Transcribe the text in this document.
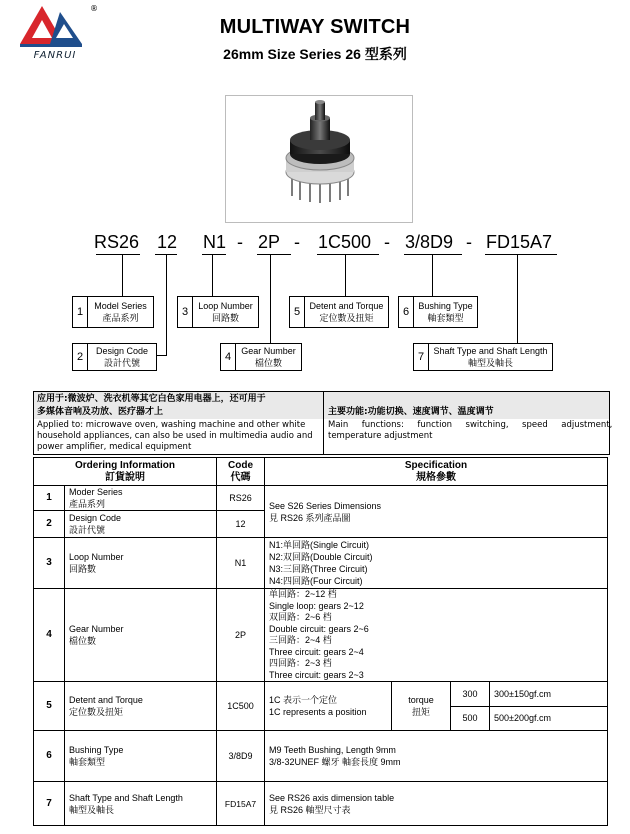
®
FANRUI
MULTIWAY SWITCH
26mm Size Series 26 型系列
RS26 12 N1 - 2P - 1C500 - 3/8D9 - FD15A7
1	Model Series
產品系列
2	Design Code
設計代號
3	Loop Number
回路數
4	Gear Number
檔位數
5	Detent and Torque
定位數及扭矩	6	Bushing Type
軸套類型
7	Shaft Type and Shaft Length
軸型及軸長
应用于:微波炉、洗衣机等其它白色家用电器上，还可用于
多媒体音响及功放、医疗器才上
Applied to: microwave oven, washing machine and other white
household appliances, can also be used in multimedia audio and
power amplifier, medical equipment
主要功能:功能切换、速度调节、温度调节
Main     functions:     function     switching,     speed     adjustment,
temperature adjustment
Ordering Information
訂貨說明

Code
代碼

Specification
規格參數

1	Moder Series
產品系列
	RS26	
See S26 Series Dimensions
見 RS26 系列產品圖

2	Design Code
設計代號
	12
3	Loop Number
回路數
	N1	
N1:单回路(Single Circuit)
N2:双回路(Double Circuit)
N3:三回路(Three Circuit)
N4:四回路(Four Circuit)

4	Gear Number
檔位數
	2P	
单回路：2~12 档
Single loop: gears 2~12
双回路：2~6 档
Double circuit: gears 2~6
三回路：2~4 档
Three circuit: gears 2~4
四回路：2~3 档
Three circuit: gears 2~3

5	Detent and Torque
定位數及扭矩
	1C500	
1C 表示一个定位
1C represents a position

torque
扭矩
	300	300±150gf.cm
500	500±200gf.cm

6	Bushing Type
軸套類型
	3/8D9	
M9 Teeth Bushing, Length 9mm
3/8-32UNEF 螺牙 軸套長度 9mm

7	Shaft Type and Shaft Length
軸型及軸長
	FD15A7	
See RS26 axis dimension table
見 RS26 軸型尺寸表
